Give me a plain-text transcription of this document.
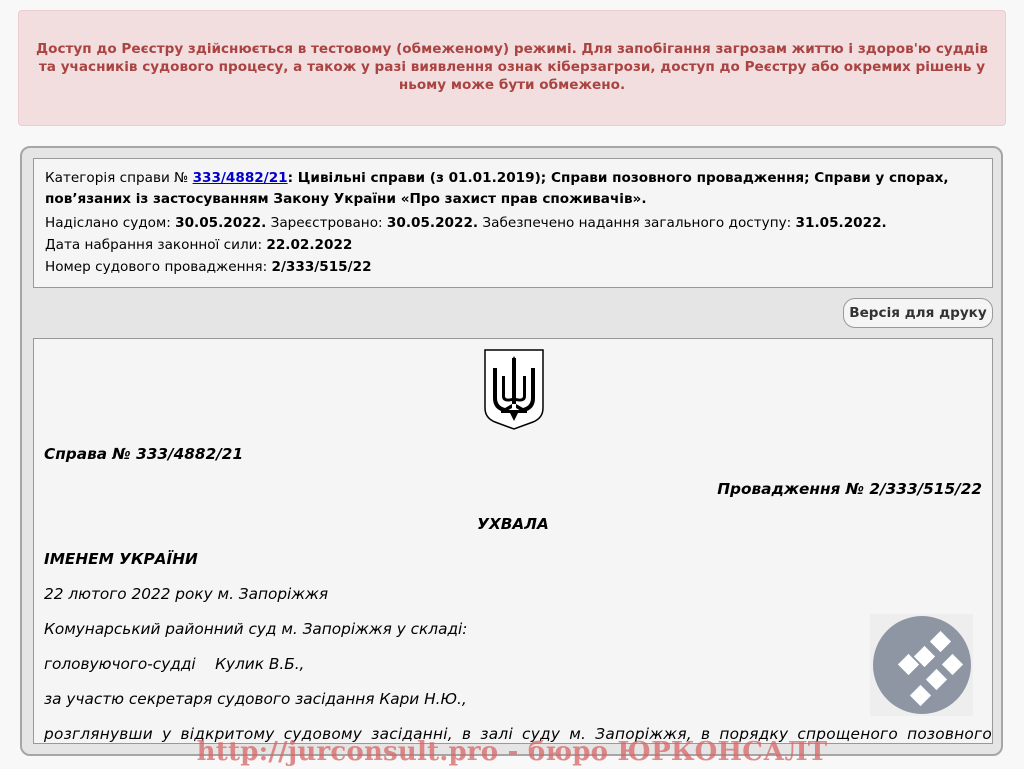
Доступ до Реєстру здійснюється в тестовому (обмеженому) режимі. Для запобігання загрозам життю і здоров'ю суддів та учасників судового процесу, а також у разі виявлення ознак кіберзагрози, доступ до Реєстру або окремих рішень у ньому може бути обмежено.

Категорія справи № 333/4882/21: Цивільні справи (з 01.01.2019); Справи позовного провадження; Справи у спорах, пов’язаних із застосуванням Закону України «Про захист прав споживачів».
Надіслано судом: 30.05.2022. Зареєстровано: 30.05.2022. Забезпечено надання загального доступу: 31.05.2022.
Дата набрання законної сили: 22.02.2022
Номер судового провадження: 2/333/515/22
Версія для друку
Справа № 333/4882/21
Провадження № 2/333/515/22
УХВАЛА
ІМЕНЕМ УКРАЇНИ
22 лютого 2022 року м. Запоріжжя
Комунарський районний суд м. Запоріжжя у складі:
головуючого-судді    Кулик В.Б.,
за участю секретаря судового засідання Кари Н.Ю.,
розглянувши у відкритому судовому засіданні, в залі суду м. Запоріжжя, в порядку спрощеного позовного
http://jurconsult.pro - бюро ЮРКОНСАЛТ
